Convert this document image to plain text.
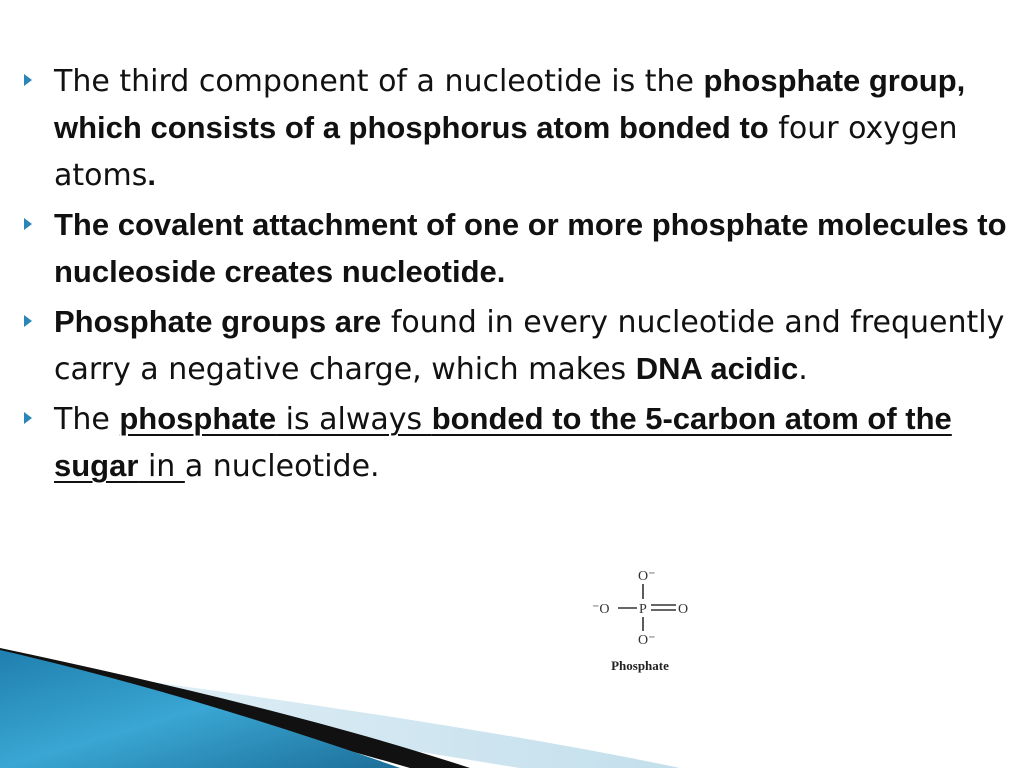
The third component of a nucleotide is the phosphate group, which consists of a phosphorus atom bonded to four oxygen atoms.
The covalent attachment of one or more phosphate molecules to nucleoside creates nucleotide.
Phosphate groups are found in every nucleotide and frequently carry a negative charge, which makes DNA acidic.
The phosphate is always bonded to the 5-carbon atom of the sugar in a nucleotide.
O⁻
⁻O P O
O⁻
Phosphate
